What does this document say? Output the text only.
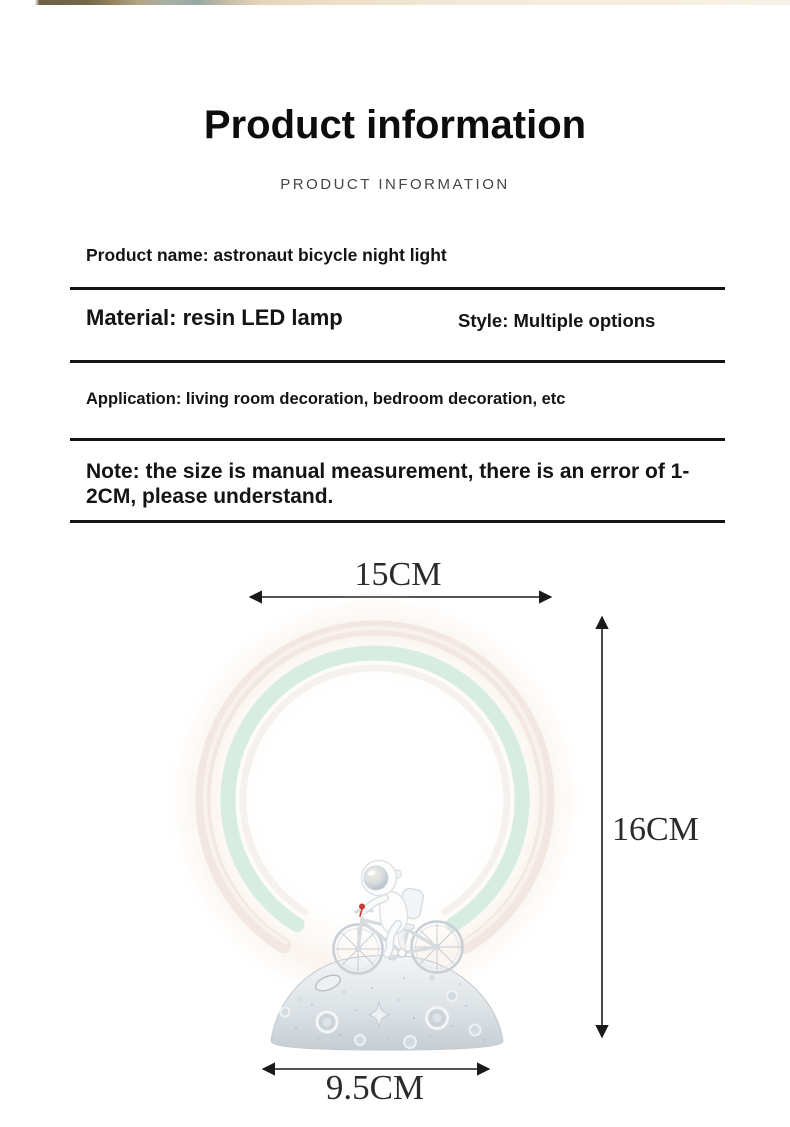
Product information
PRODUCT INFORMATION
Product name: astronaut bicycle night light
Material: resin LED lamp	Style: Multiple options
Application: living room decoration, bedroom decoration, etc
Note: the size is manual measurement, there is an error of 1-2CM, please understand.
15CM
16CM
9.5CM
